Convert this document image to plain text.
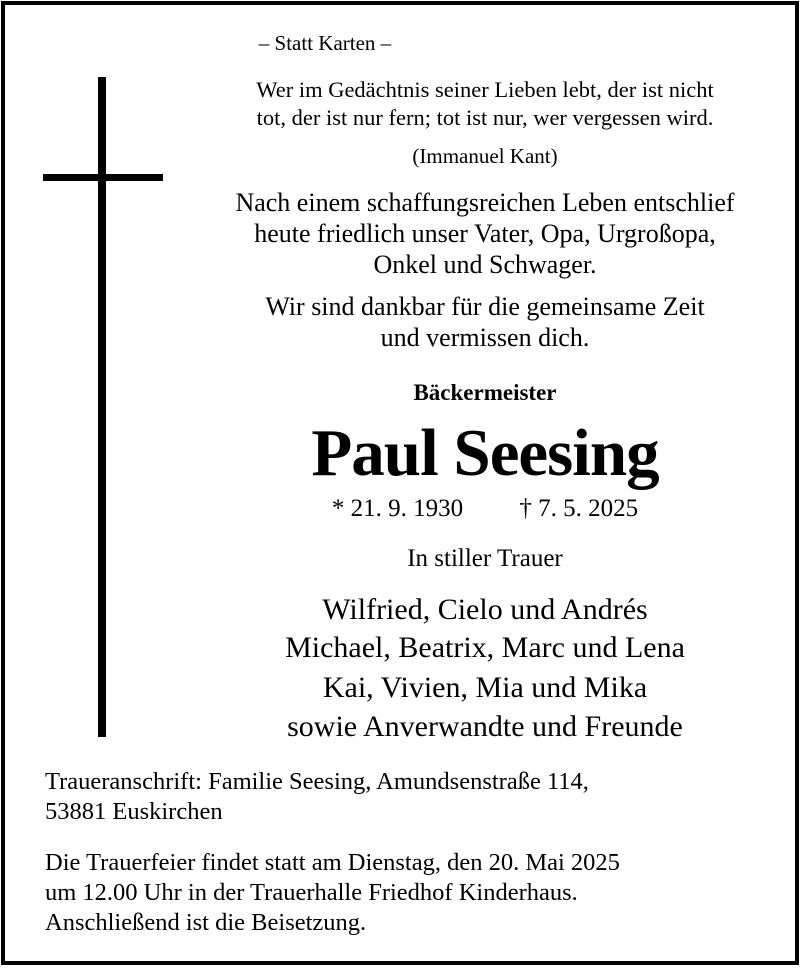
– Statt Karten –
Wer im Gedächtnis seiner Lieben lebt, der ist nicht
tot, der ist nur fern; tot ist nur, wer vergessen wird.
(Immanuel Kant)
Nach einem schaffungsreichen Leben entschlief
heute friedlich unser Vater, Opa, Urgroßopa,
Onkel und Schwager.
Wir sind dankbar für die gemeinsame Zeit
und vermissen dich.
Bäckermeister
Paul Seesing
* 21. 9. 1930 † 7. 5. 2025
In stiller Trauer
Wilfried, Cielo und Andrés
Michael, Beatrix, Marc und Lena
Kai, Vivien, Mia und Mika
sowie Anverwandte und Freunde
Traueranschrift: Familie Seesing, Amundsenstraße 114,
53881 Euskirchen
Die Trauerfeier findet statt am Dienstag, den 20. Mai 2025
um 12.00 Uhr in der Trauerhalle Friedhof Kinderhaus.
Anschließend ist die Beisetzung.
